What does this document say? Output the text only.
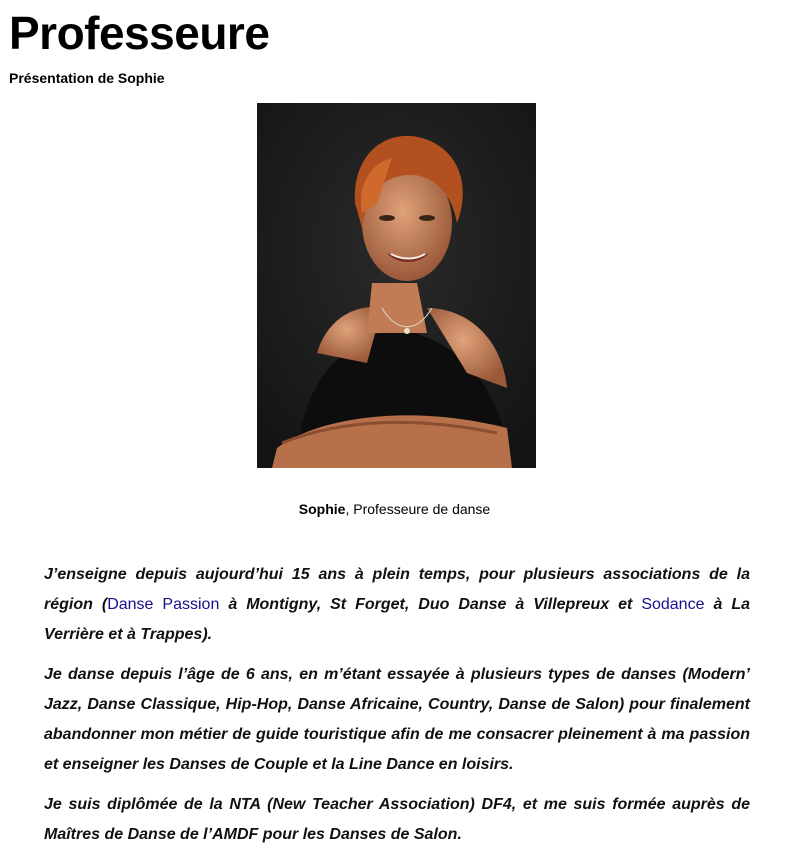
Professeure
Présentation de Sophie
Sophie, Professeure de danse

J’enseigne depuis aujourd’hui 15 ans à plein temps, pour plusieurs associations de la région (Danse Passion à Montigny, St Forget, Duo Danse à Villepreux et Sodance à La Verrière et à Trappes).

Je danse depuis l’âge de 6 ans, en m’étant essayée à plusieurs types de danses (Modern’ Jazz, Danse Classique, Hip-Hop, Danse Africaine, Country, Danse de Salon) pour finalement abandonner mon métier de guide touristique afin de me consacrer pleinement à ma passion et enseigner les Danses de Couple et la Line Dance en loisirs.

Je suis diplômée de la NTA (New Teacher Association) DF4, et me suis formée auprès de Maîtres de Danse de l’AMDF pour les Danses de Salon.
